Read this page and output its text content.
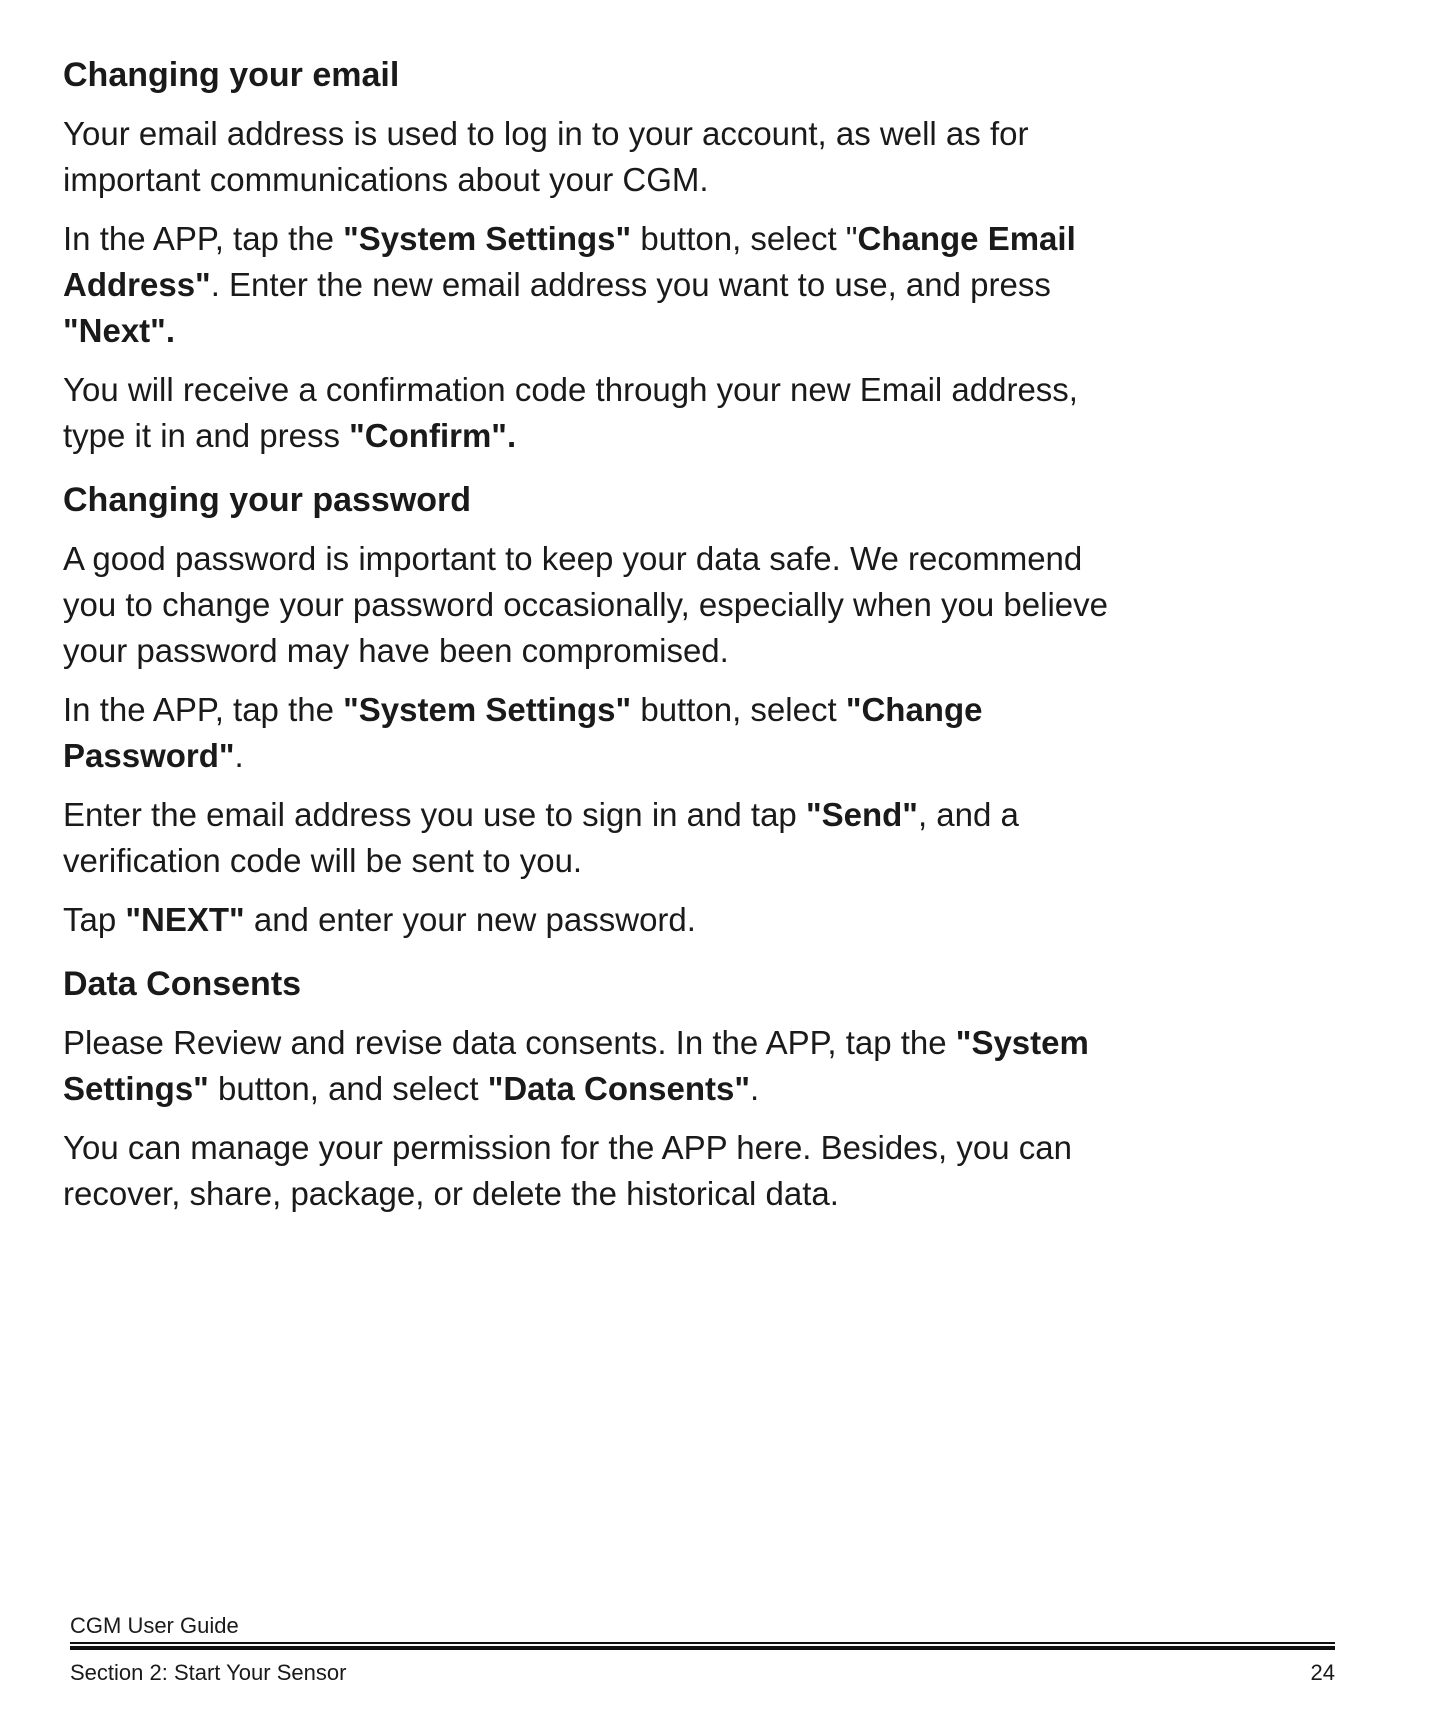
Changing your email
Your email address is used to log in to your account, as well as for
important communications about your CGM.
In the APP, tap the "System Settings" button, select "Change Email
Address". Enter the new email address you want to use, and press
"Next".
You will receive a confirmation code through your new Email address,
type it in and press "Confirm".
Changing your password
A good password is important to keep your data safe. We recommend
you to change your password occasionally, especially when you believe
your password may have been compromised.
In the APP, tap the "System Settings" button, select "Change
Password".
Enter the email address you use to sign in and tap "Send", and a
verification code will be sent to you.
Tap "NEXT" and enter your new password.
Data Consents
Please Review and revise data consents. In the APP, tap the "System
Settings" button, and select "Data Consents".
You can manage your permission for the APP here. Besides, you can
recover, share, package, or delete the historical data.
CGM User Guide
Section 2: Start Your Sensor	24
